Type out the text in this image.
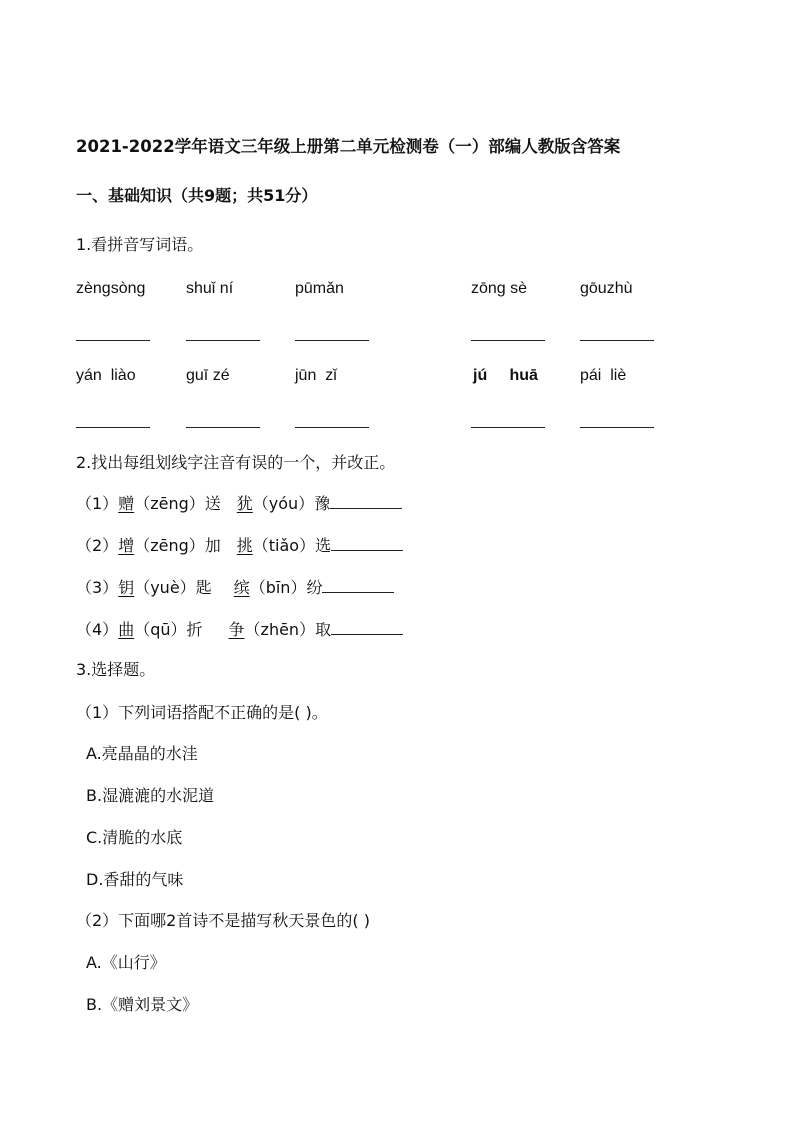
2021-2022学年语文三年级上册第二单元检测卷（一）部编人教版含答案
一、基础知识（共9题；共51分）
1.看拼音写词语。
zèngsòng	shuǐ ní	pūmǎn	zōng sè	gōuzhù
yán  liào	guī zé	jūn  zǐ	jú     huā	pái  liè
2.找出每组划线字注音有误的一个，并改正。
（1）赠（zēng）送 犹（yóu）豫
（2）增（zēng）加 挑（tiǎo）选
（3）钥（yuè）匙 缤（bīn）纷
（4）曲（qū）折 争（zhēn）取
3.选择题。
（1）下列词语搭配不正确的是( )。
A.亮晶晶的水洼
B.湿漉漉的水泥道
C.清脆的水底
D.香甜的气味
（2）下面哪2首诗不是描写秋天景色的( )
A.《山行》
B.《赠刘景文》
